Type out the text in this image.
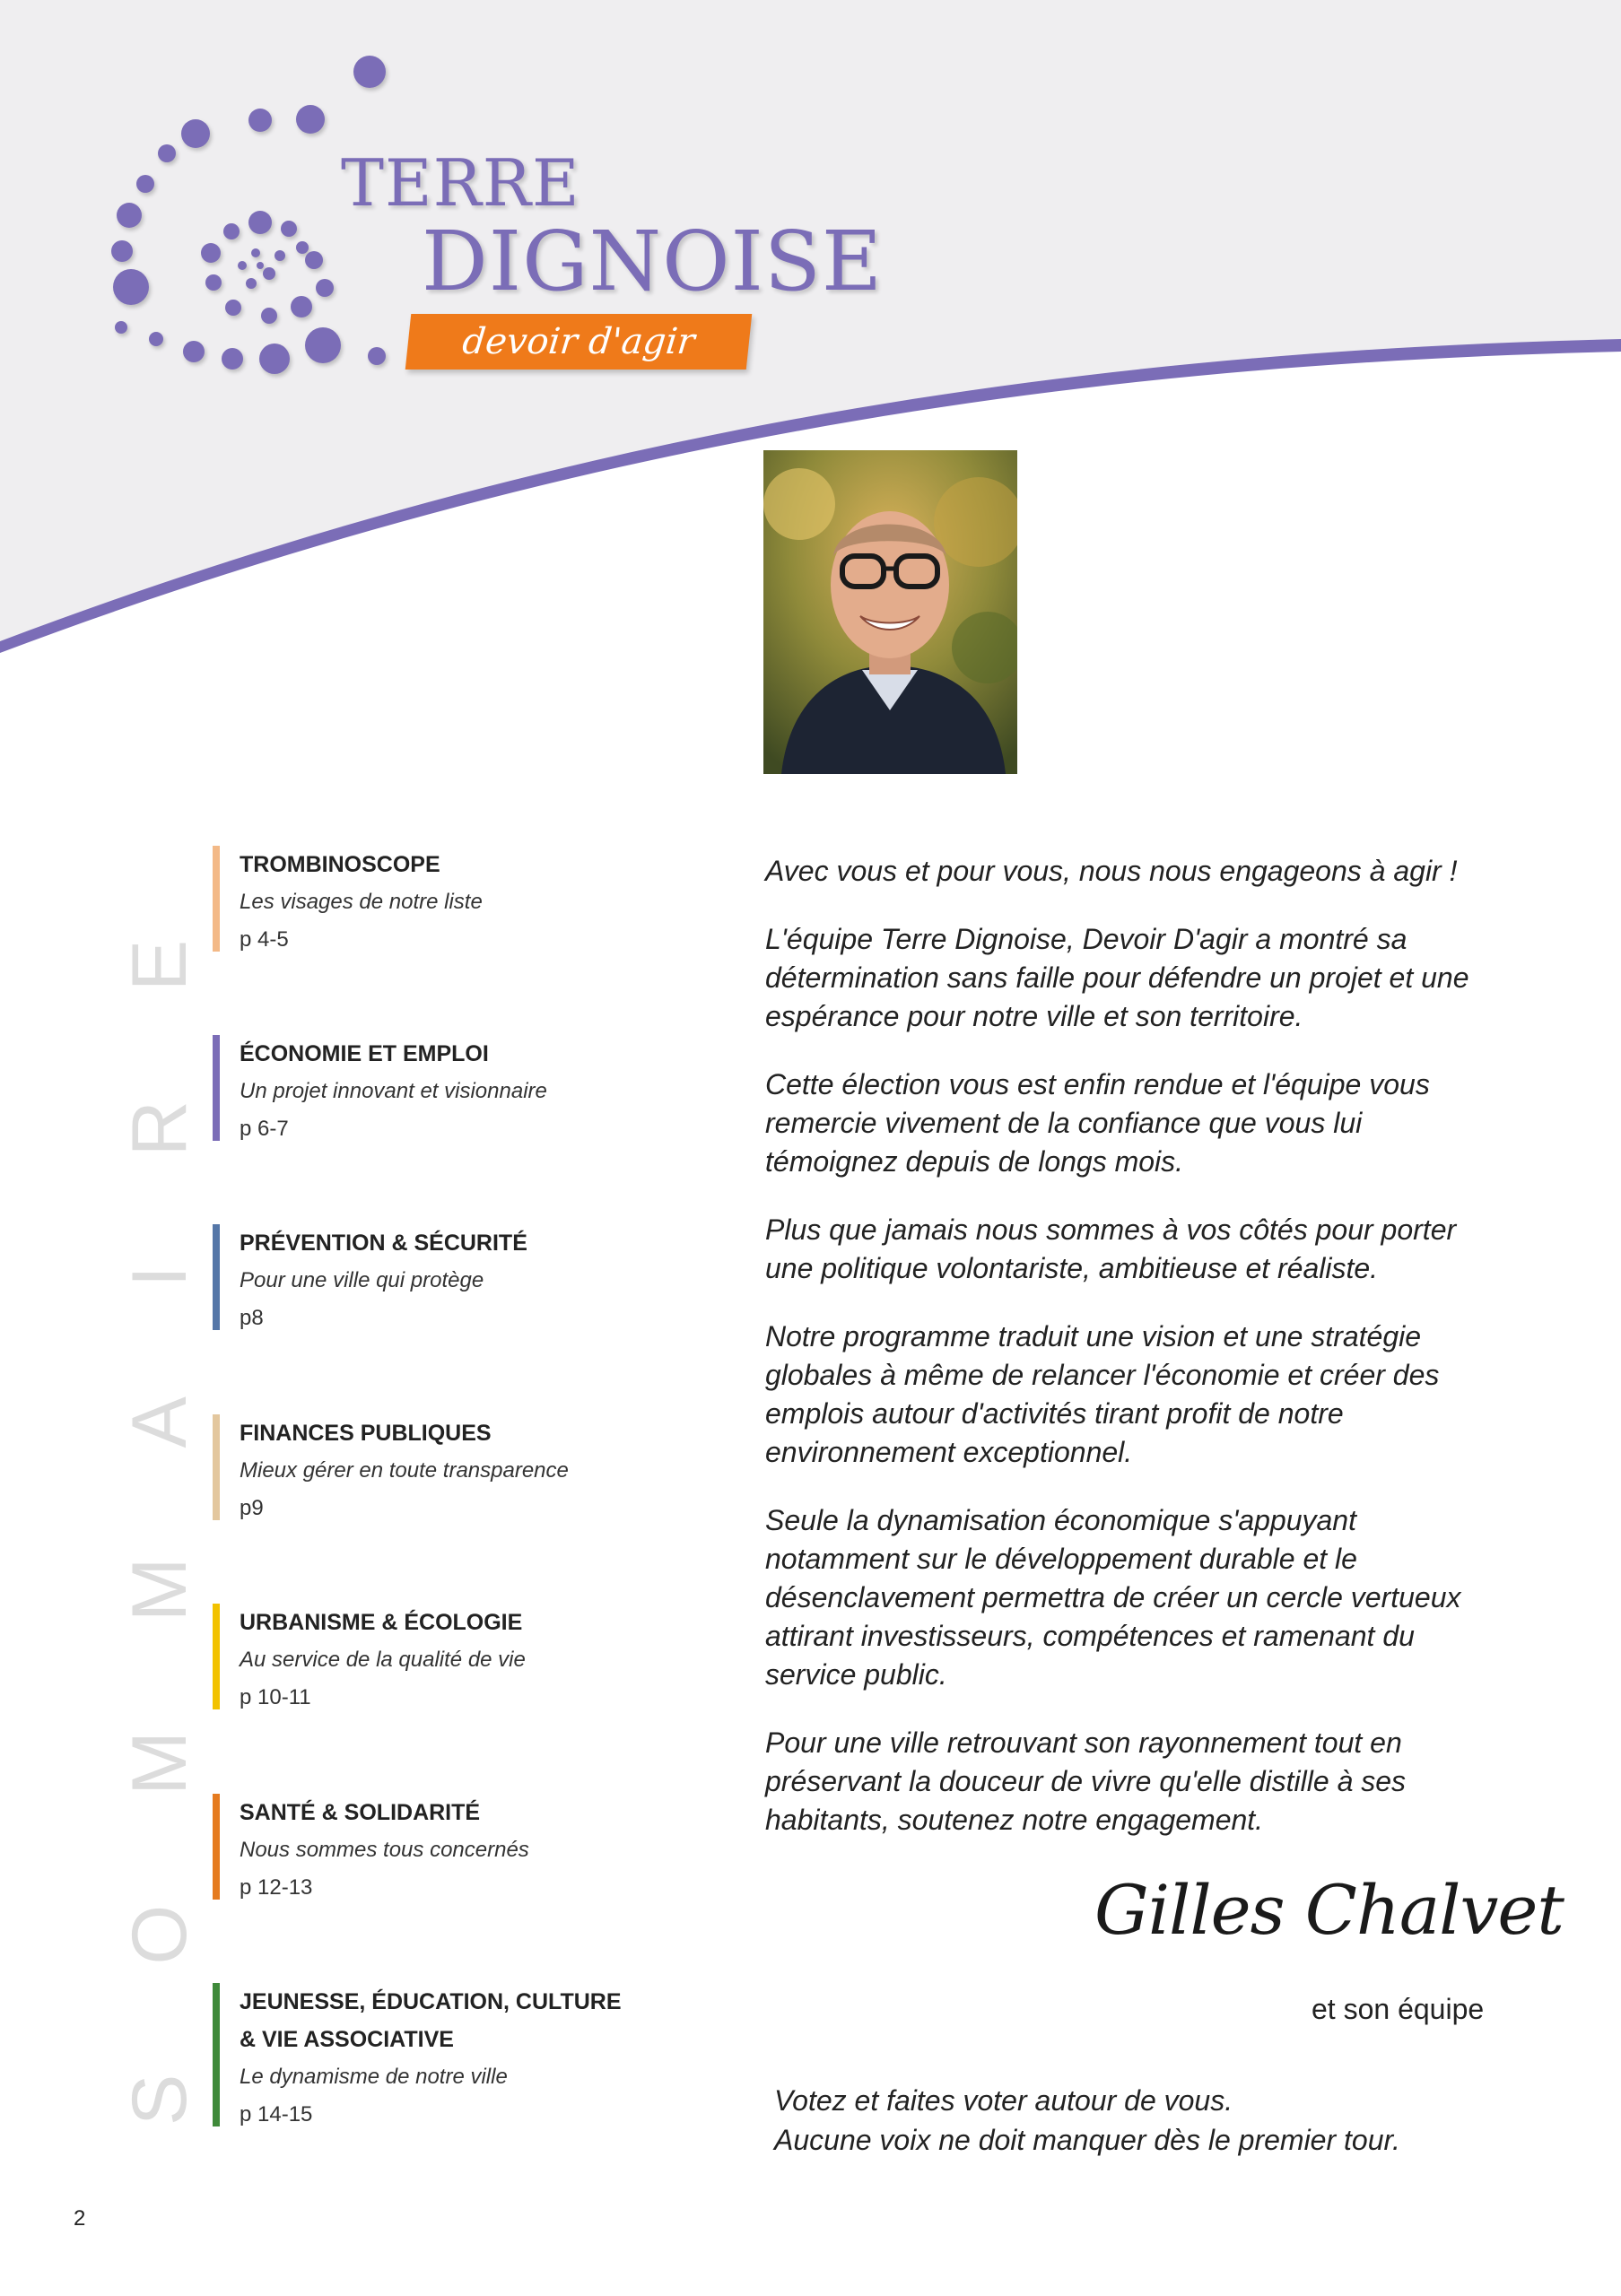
TERRE
DIGNOISE
devoir d'agir
SOMMAIRE	TROMBINOSCOPE
Les visages de notre liste
p 4-5
ÉCONOMIE ET EMPLOI
Un projet innovant et visionnaire
p 6-7
PRÉVENTION & SÉCURITÉ
Pour une ville qui protège
p8
FINANCES PUBLIQUES
Mieux gérer en toute transparence
p9
URBANISME & ÉCOLOGIE
Au service de la qualité de vie
p 10-11
SANTÉ & SOLIDARITÉ
Nous sommes tous concernés
p 12-13
JEUNESSE, ÉDUCATION, CULTURE
& VIE ASSOCIATIVE
Le dynamisme de notre ville
p 14-15

Avec vous et pour vous, nous nous engageons à agir !

L'équipe Terre Dignoise, Devoir D'agir a montré sa détermination sans faille pour défendre un projet et une espérance pour notre ville et son territoire.

Cette élection vous est enfin rendue et l'équipe vous remercie vivement de la confiance que vous lui témoignez depuis de longs mois.

Plus que jamais nous sommes à vos côtés pour porter une politique volontariste, ambitieuse et réaliste.

Notre programme traduit une vision et une stratégie globales à même de relancer l'économie et créer des emplois autour d'activités tirant profit de notre environnement exceptionnel.

Seule la dynamisation économique s'appuyant notamment sur le développement durable et le désenclavement permettra de créer un cercle vertueux attirant investisseurs, compétences et ramenant du service public.

Pour une ville retrouvant son rayonnement tout en préservant la douceur de vivre qu'elle distille à ses habitants, soutenez notre engagement.

Gilles Chalvet
et son équipe
Votez et faites voter autour de vous.
Aucune voix ne doit manquer dès le premier tour.
2
